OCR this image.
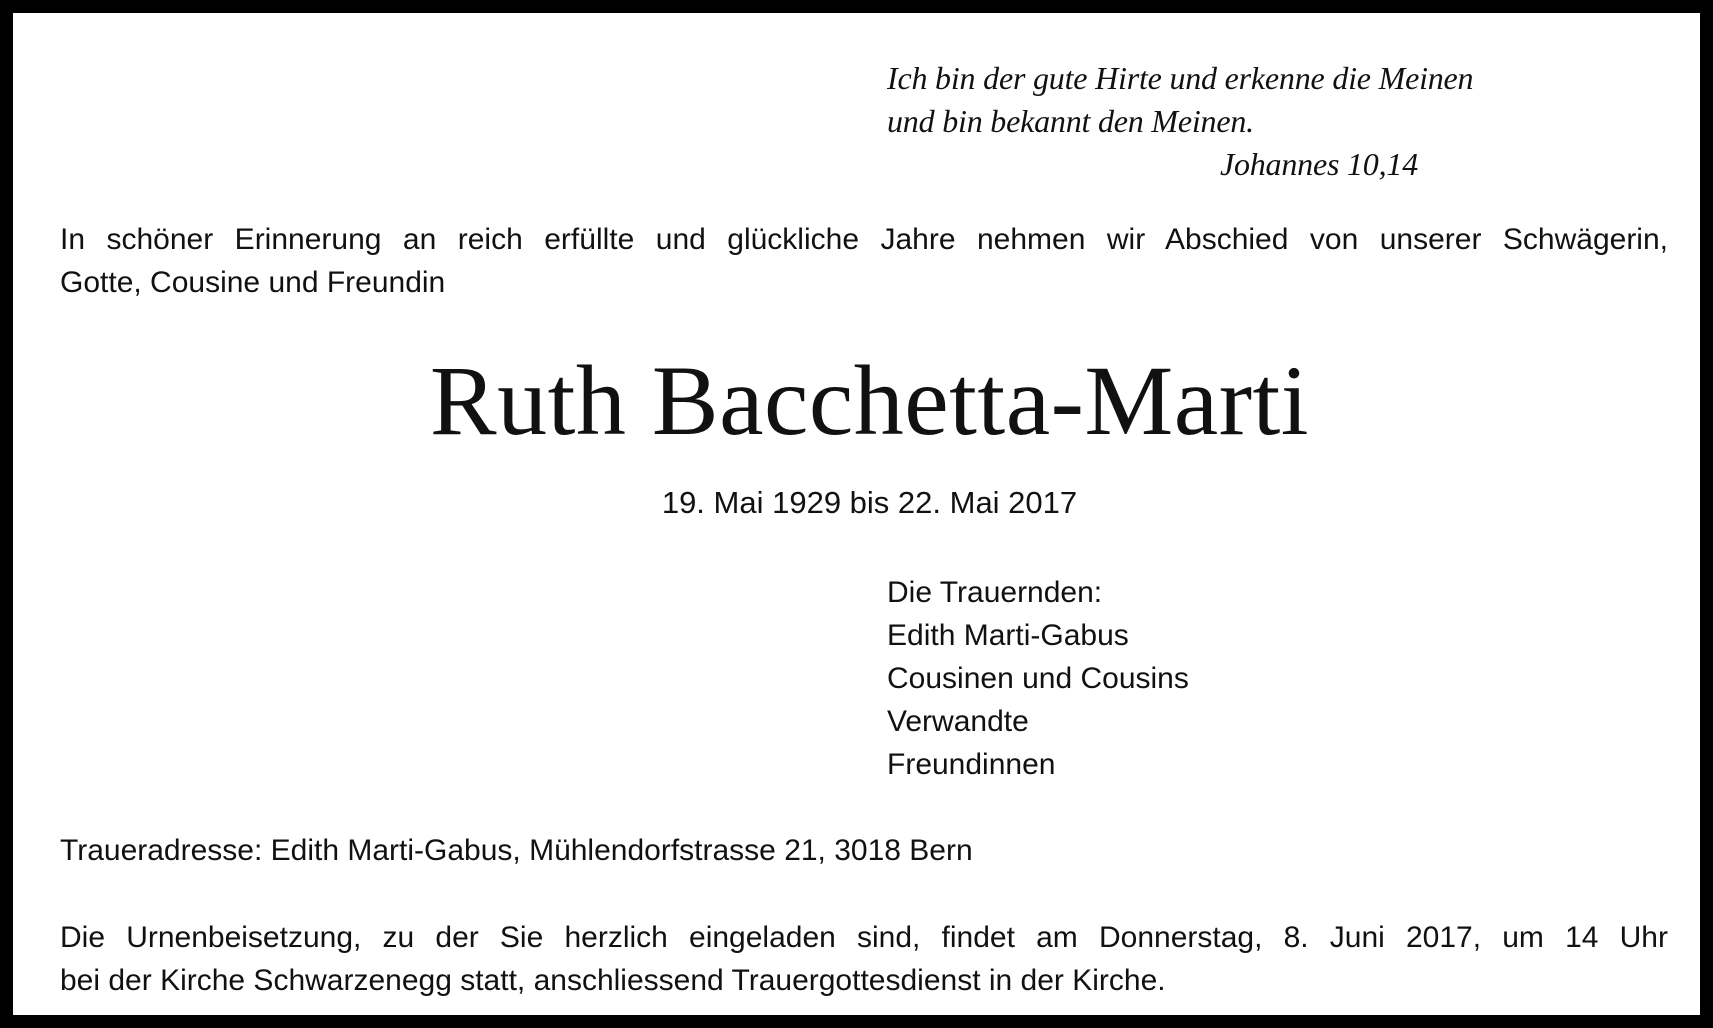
Ich bin der gute Hirte und erkenne die Meinen
und bin bekannt den Meinen.
Johannes 10,14
In schöner Erinnerung an reich erfüllte und glückliche Jahre nehmen wir Abschied von unserer Schwägerin,
Gotte, Cousine und Freundin
Ruth Bacchetta-Marti
19. Mai 1929 bis 22. Mai 2017
Die Trauernden:
Edith Marti-Gabus
Cousinen und Cousins
Verwandte
Freundinnen
Traueradresse: Edith Marti-Gabus, Mühlendorfstrasse 21, 3018 Bern
Die Urnenbeisetzung, zu der Sie herzlich eingeladen sind, findet am Donnerstag, 8. Juni 2017, um 14 Uhr
bei der Kirche Schwarzenegg statt, anschliessend Trauergottesdienst in der Kirche.
